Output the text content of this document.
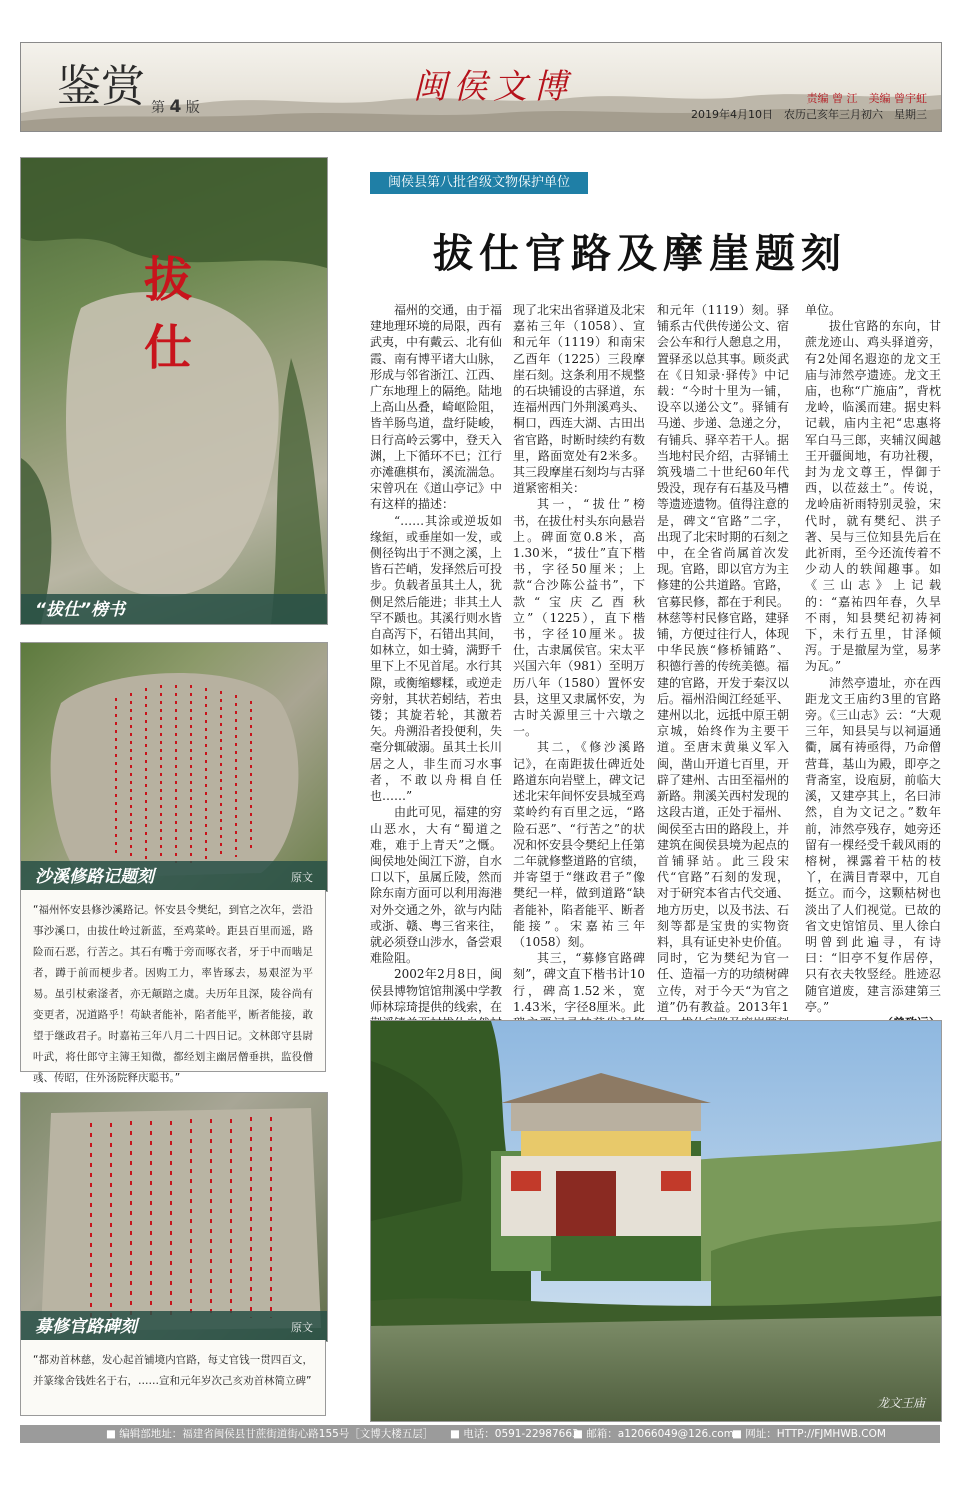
鉴赏 第 4 版
闽侯文博	责编 曾 江　美编 曾宇虹
2019年4月10日　农历己亥年三月初六　星期三
拔仕
“拔仕”榜书
沙溪修路记题刻	原文
“福州怀安县修沙溪路记。怀安县令樊纪，到官之次年，尝沿事沙溪口，由拔仕岭过新蓝，至鸡菜岭。距县百里而遥，路险而石恶，行苦之。其石有嘴于旁而啄衣者，牙于中而啮足者，蹲于前而梗步者。因购工力，率皆琢去，易艰涩为平易。虽引杖索滏者，亦无颠踣之虞。夫历年且深，陵谷尚有变更者，况道路乎！苟缺者能补，陷者能平，断者能接，敢望于继政君子。时嘉祐三年八月二十四日记。文林郎守县尉叶武，将仕郎守主簿王知微，都经划主幽居僧垂拱，监役僧彧、传昭，住外汤院释庆聪书。”
募修官路碑刻	原文
“都劝首林慈，发心起首铺境内官路，每丈官钱一贯四百文，并篆缘舍钱姓名于右，……宣和元年岁次己亥劝首林简立碑”
闽侯县第八批省级文物保护单位
拔仕官路及摩崖题刻

福州的交通，由于福建地理环境的局限，西有武夷，中有戴云、北有仙霞、南有博平诸大山脉，形成与邻省浙江、江西、广东地理上的隔绝。陆地上高山丛叠，崎岖险阻，皆羊肠鸟道，盘纡陡峻，日行高岭云雾中，登天入渊，上下循环不已；江行亦滩礁棋布，溪流湍急。宋曾巩在《道山亭记》中有这样的描述：

“……其涂或逆坂如缘絙，或垂崖如一发，或侧径钩出于不测之溪，上皆石芒峭，发择然后可投步。负载者虽其土人，犹侧足然后能进；非其土人罕不踬也。其溪行则水皆自高泻下，石错出其间，如林立，如士骑，满野千里下上不见首尾。水行其隙，或衡缩蟉糅，或逆走旁射，其状若蚓结，若虫镂；其旋若轮，其激若矢。舟溯沿者投便利，失毫分辄破溺。虽其土长川居之人，非生而习水事者，不敢以舟楫自任也……”

由此可见，福建的穷山恶水，大有“蜀道之难，难于上青天”之慨。闽侯地处闽江下游，自水口以下，虽属丘陵，然而除东南方面可以利用海港对外交通之外，欲与内陆或浙、赣、粤三省来往，就必须登山涉水，备尝艰难险阻。

2002年2月8日，闽侯县博物馆馆荆溪中学教师林琮琦提供的线索，在

现了北宋出省驿道及北宋嘉祐三年（1058）、宣和元年（1119）和南宋乙酉年（1225）三段摩崖石刻。这条利用不规整的石块铺设的古驿道，东连福州西门外荆溪鸡头、桐口，西连大湖、古田出省官路，时断时续约有数里，路面宽处有2米多。其三段摩崖石刻均与古驿道紧密相关：

其一，“拔仕”榜书，在拔仕村头东向悬岩上。碑面宽0.8米，高1.30米，“拔仕”直下楷书，字径50厘米；上款“合沙陈公益书”，下款“宝庆乙酉秋立”（1225），直下楷书，字径10厘米。拔仕，古隶属侯官。宋太平兴国六年（981）至明万历八年（1580）置怀安县，这里又隶属怀安，为古时关源里三十六墩之一。

其二，《修沙溪路记》，在南距拔仕碑近处路道东向岩壁上，碑文记述北宋年间怀安县城至鸡菜岭约有百里之远，“路险石恶”、“行苦之”的状况和怀安县令樊纪上任第二年就修整道路的官绩，并寄望于“继政君子”像樊纪一样，做到道路“缺者能补，陷者能平、断者能接”。宋嘉祐三年（1058）刻。

其三，“募修官路碑刻”，碑文直下楷书计10行，碑高1.52米，宽1.43米，字径8厘米。此

和元年（1119）刻。驿铺系古代供传递公文、宿会公车和行人憩息之用，置驿丞以总其事。顾炎武在《日知录·驿传》中记载：“今时十里为一铺，设卒以递公文”。驿铺有马递、步递、急递之分，有铺兵、驿卒若干人。据当地村民介绍，古驿铺土筑残墙二十世纪60年代毁没，现存有石基及马槽等遗迹遗物。值得注意的是，碑文“官路”二字，出现了北宋时期的石刻之中，在全省尚属首次发现。官路，即以官方为主修建的公共道路。官路，官募民修，都在于利民。林慈等村民修官路，建驿铺，方便过往行人，体现中华民族“修桥铺路”、积德行善的传统美德。福建的官路，开发于秦汉以后。福州沿闽江经延平、建州以北，远抵中原王朝京城，始终作为主要干道。至唐末黄巢义军入闽，凿山开道七百里，开辟了建州、古田至福州的新路。荆溪关西村发现的这段古道，正处于福州、闽侯至古田的路段上，并建筑在闽侯县境为起点的首铺驿站。此三段宋代“官路”石刻的发现，对于研究本省古代交通、地方历史，以及书法、石刻等都是宝贵的实物资料，具有证史补史价值。同时，它为樊纪为官一任、造福一方的功绩树碑立传，对于今天“为官之道”仍有教益。2013年1
单位。

拔仕官路的东向，甘蔗龙迹山、鸡头驿道旁，有2处闻名遐迩的龙文王庙与沛然亭遗迹。龙文王庙，也称“广施庙”，背枕龙岭，临溪而建。据史料记载，庙内主祀“忠惠将军白马三郎，夹辅汉闽越王开疆闽地，有功社稷，封为龙文尊王，悍御于西，以莅兹土”。传说，龙岭庙祈雨特别灵验，宋代时，就有樊纪、洪子著、吴与三位知县先后在此祈雨，至今还流传着不少动人的轶闻趣事。如《三山志》上记载的：“嘉祐四年春，久旱不雨，知县樊纪初祷祠下，未行五里，甘泽倾泻。于是撤屋为堂，易茅为瓦。”

沛然亭遗址，亦在西距龙文王庙约3里的官路旁。《三山志》云：“大观三年，知县吴与以祠逼通衢，属有祷亟得，乃命僧营葺，基山为殿，即亭之背斋室，设庖厨，前临大溪，又建亭其上，名曰沛然，自为文记之。”数年前，沛然亭残存，她旁还留有一棵经受千载风雨的榕树，裸露着干枯的枝丫，在满目青翠中，兀自挺立。而今，这颗枯树也淡出了人们视觉。已故的省文史馆馆员、里人徐白明曾到此遍寻，有诗曰：“旧亭不复作居停，只有衣夫牧竖经。胜迹忍随官道废，建言添建第三亭。”

龙文王庙
■ 编辑部地址：福建省闽侯县甘蔗街道街心路155号［文博大楼五层］ ■ 电话：0591-22987663
■ 邮箱：a12066049@126.com
■ 网址：HTTP://FJMHWB.COM
